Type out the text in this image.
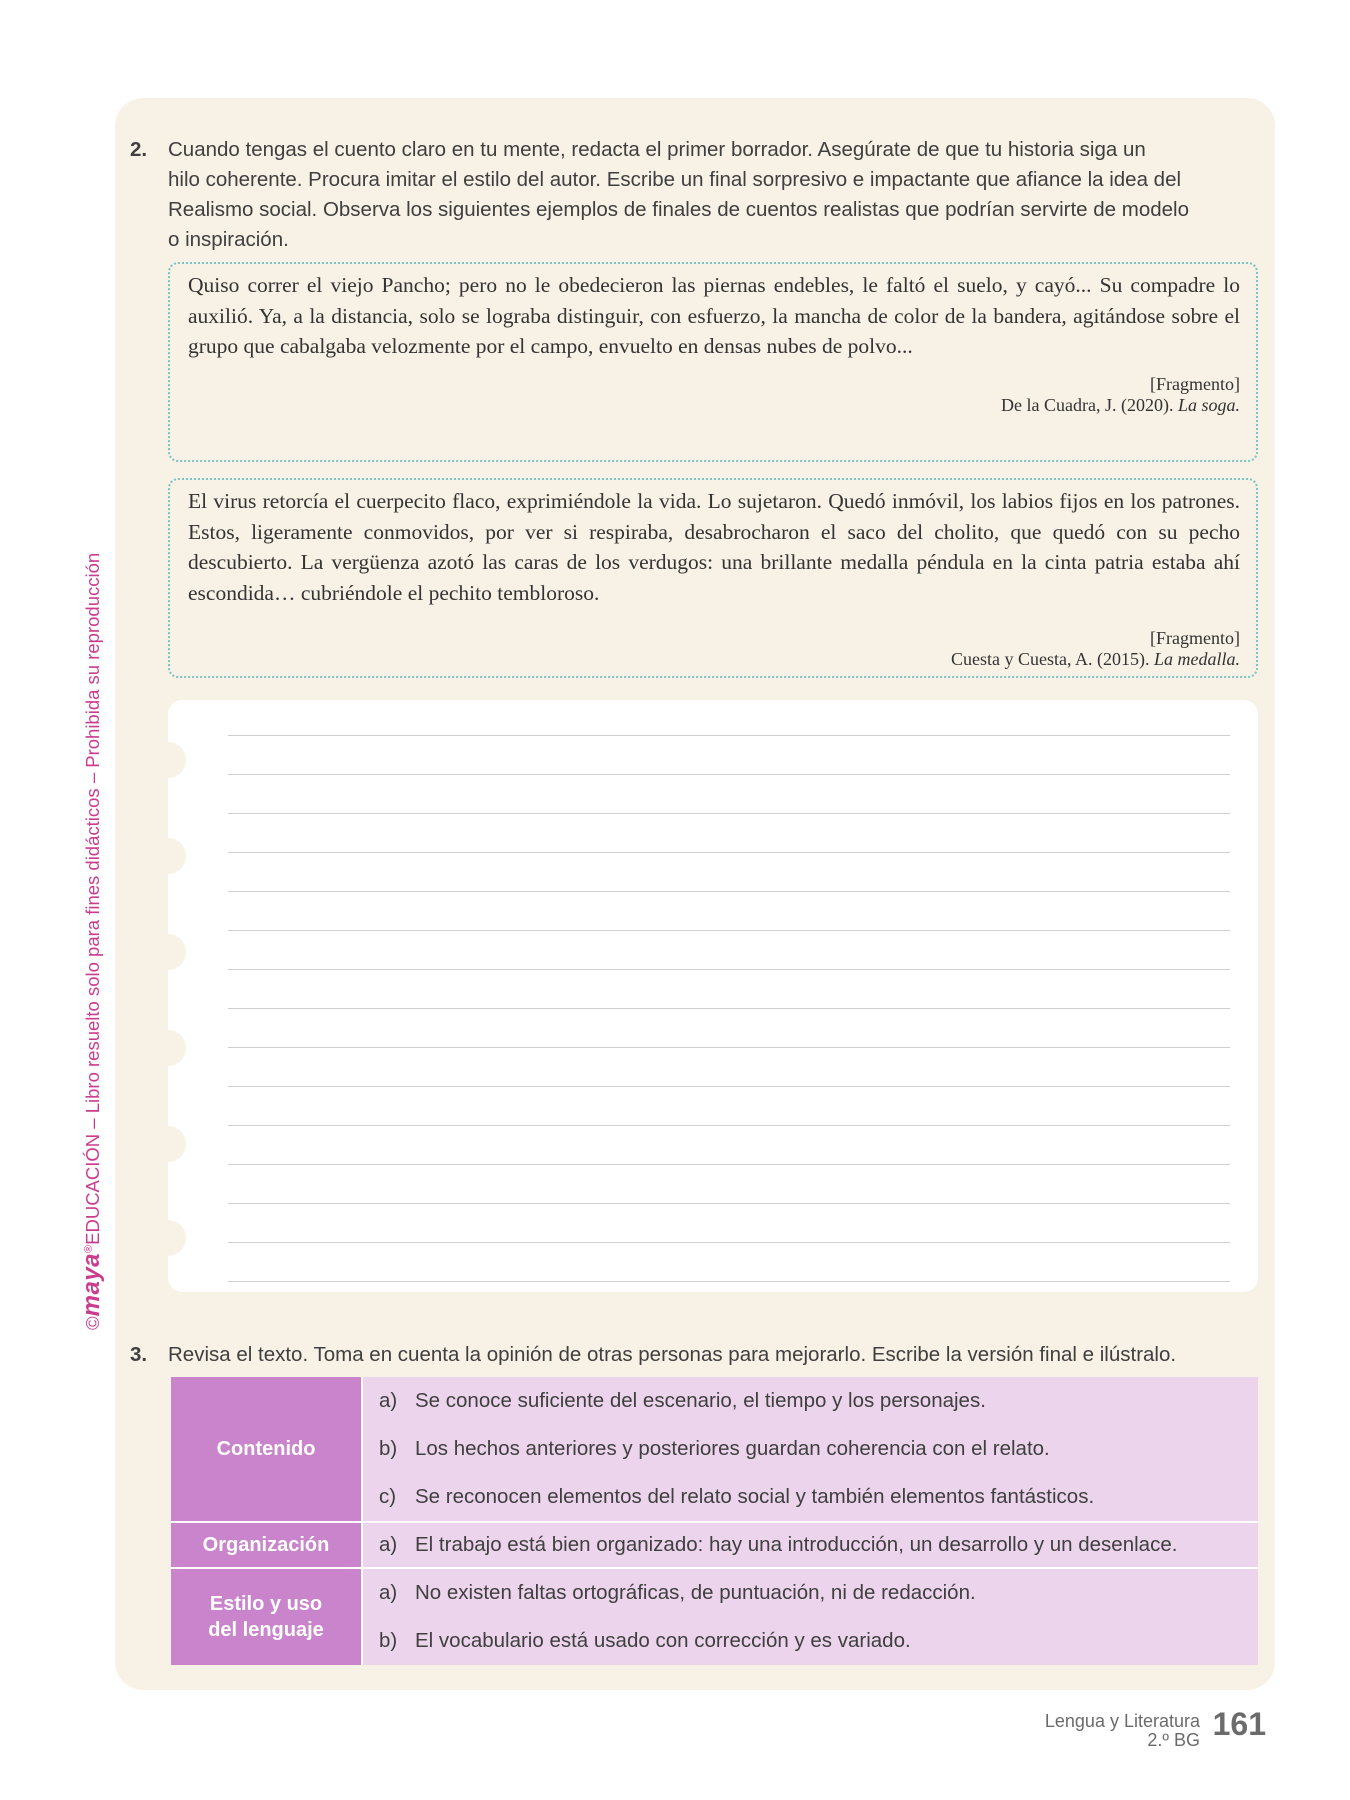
©maya®EDUCACIÓN – Libro resuelto solo para fines didácticos – Prohibida su reproducción
2. Cuando tengas el cuento claro en tu mente, redacta el primer borrador. Asegúrate de que tu historia siga un
hilo coherente. Procura imitar el estilo del autor. Escribe un final sorpresivo e impactante que afiance la idea del
Realismo social. Observa los siguientes ejemplos de finales de cuentos realistas que podrían servirte de modelo
o inspiración.
Quiso correr el viejo Pancho; pero no le obedecieron las piernas endebles, le faltó el suelo, y cayó... Su compadre lo auxilió. Ya, a la distancia, solo se lograba distinguir, con esfuerzo, la mancha de color de la bandera, agitándose sobre el grupo que cabalgaba velozmente por el campo, envuelto en densas nubes de polvo...
[Fragmento]
De la Cuadra, J. (2020). La soga.
El virus retorcía el cuerpecito flaco, exprimiéndole la vida. Lo sujetaron. Quedó inmóvil, los labios fijos en los patrones. Estos, ligeramente conmovidos, por ver si respiraba, desabrocharon el saco del cholito, que quedó con su pecho descubierto. La vergüenza azotó las caras de los verdugos: una brillante medalla péndula en la cinta patria estaba ahí escondida… cubriéndole el pechito tembloroso.
[Fragmento]
Cuesta y Cuesta, A. (2015). La medalla.
3. Revisa el texto. Toma en cuenta la opinión de otras personas para mejorarlo. Escribe la versión final e ilústralo.
Contenido	a) Se conoce suficiente del escenario, el tiempo y los personajes.
	b) Los hechos anteriores y posteriores guardan coherencia con el relato.
	c) Se reconocen elementos del relato social y también elementos fantásticos.
Organización	a) El trabajo está bien organizado: hay una introducción, un desarrollo y un desenlace.

Estilo y uso
del lenguaje	a) No existen faltas ortográficas, de puntuación, ni de redacción.
	b) El vocabulario está usado con corrección y es variado.
Lengua y Literatura
2.º BG 161
